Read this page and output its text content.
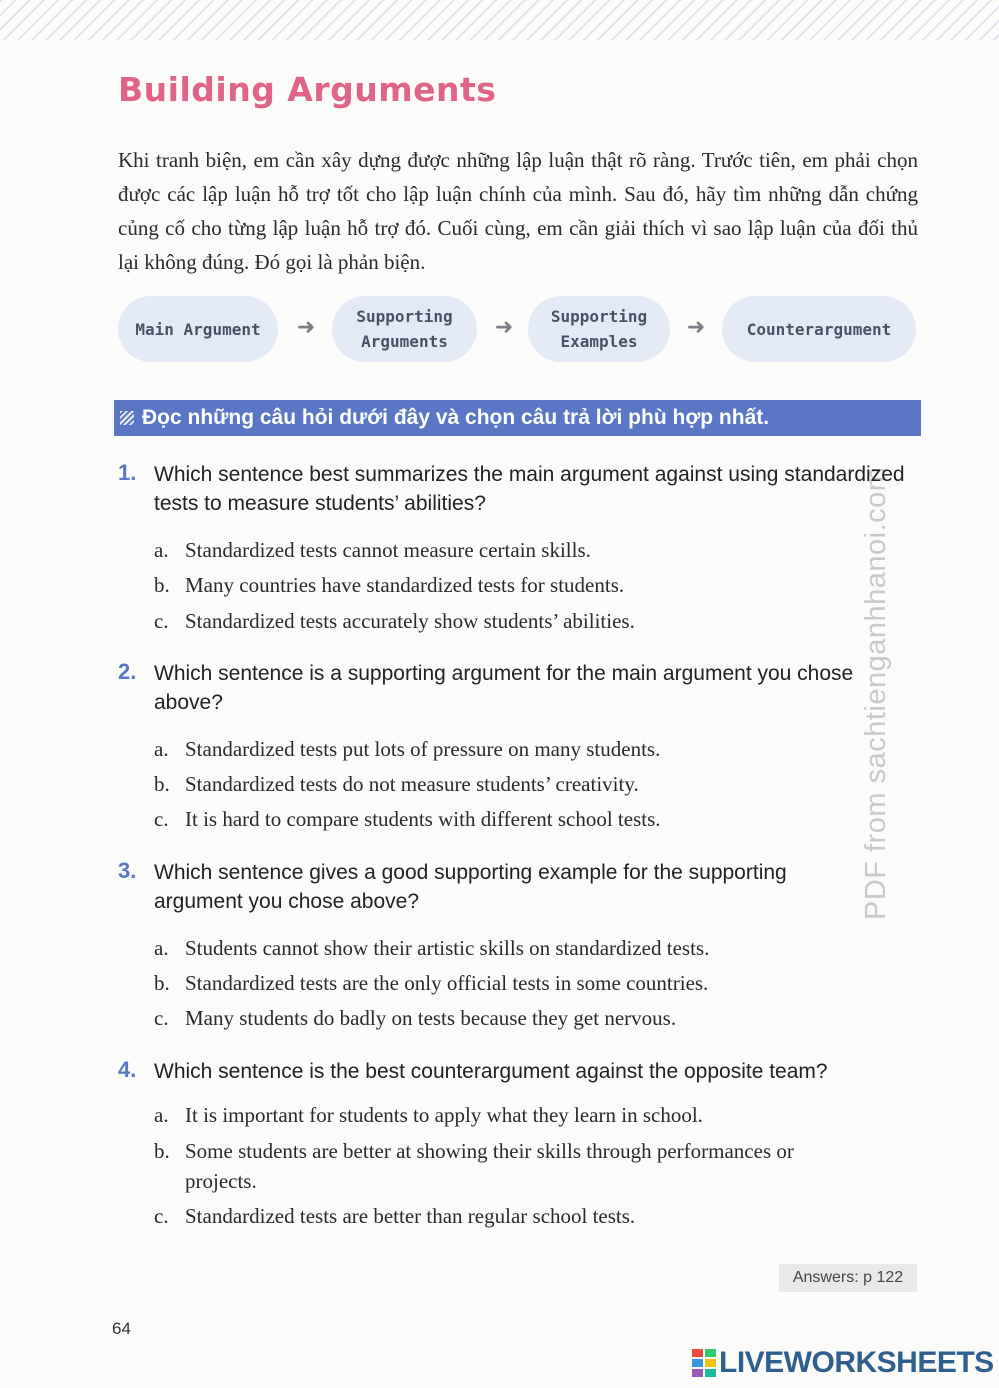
Building Arguments

Khi tranh biện, em cần xây dựng được những lập luận thật rõ ràng. Trước tiên, em phải chọn được các lập luận hỗ trợ tốt cho lập luận chính của mình. Sau đó, hãy tìm những dẫn chứng củng cố cho từng lập luận hỗ trợ đó. Cuối cùng, em cần giải thích vì sao lập luận của đối thủ lại không đúng. Đó gọi là phản biện.

Main Argument	➜	Supporting Arguments
➜	Supporting Examples
➜	Counterargument
Đọc những câu hỏi dưới đây và chọn câu trả lời phù hợp nhất.
PDF from sachtienganhhanoi.com
1. Which sentence best summarizes the main argument against using standardized tests to measure students’ abilities?
a. Standardized tests cannot measure certain skills.
b. Many countries have standardized tests for students.
c. Standardized tests accurately show students’ abilities.
2. Which sentence is a supporting argument for the main argument you chose above?
a. Standardized tests put lots of pressure on many students.
b. Standardized tests do not measure students’ creativity.
c. It is hard to compare students with different school tests.
3. Which sentence gives a good supporting example for the supporting argument you chose above?
a. Students cannot show their artistic skills on standardized tests.
b. Standardized tests are the only official tests in some countries.
c. Many students do badly on tests because they get nervous.
4. Which sentence is the best counterargument against the opposite team?
a. It is important for students to apply what they learn in school.
b. Some students are better at showing their skills through performances or projects.
c. Standardized tests are better than regular school tests.
Answers: p 122
64
LIVEWORKSHEETS
